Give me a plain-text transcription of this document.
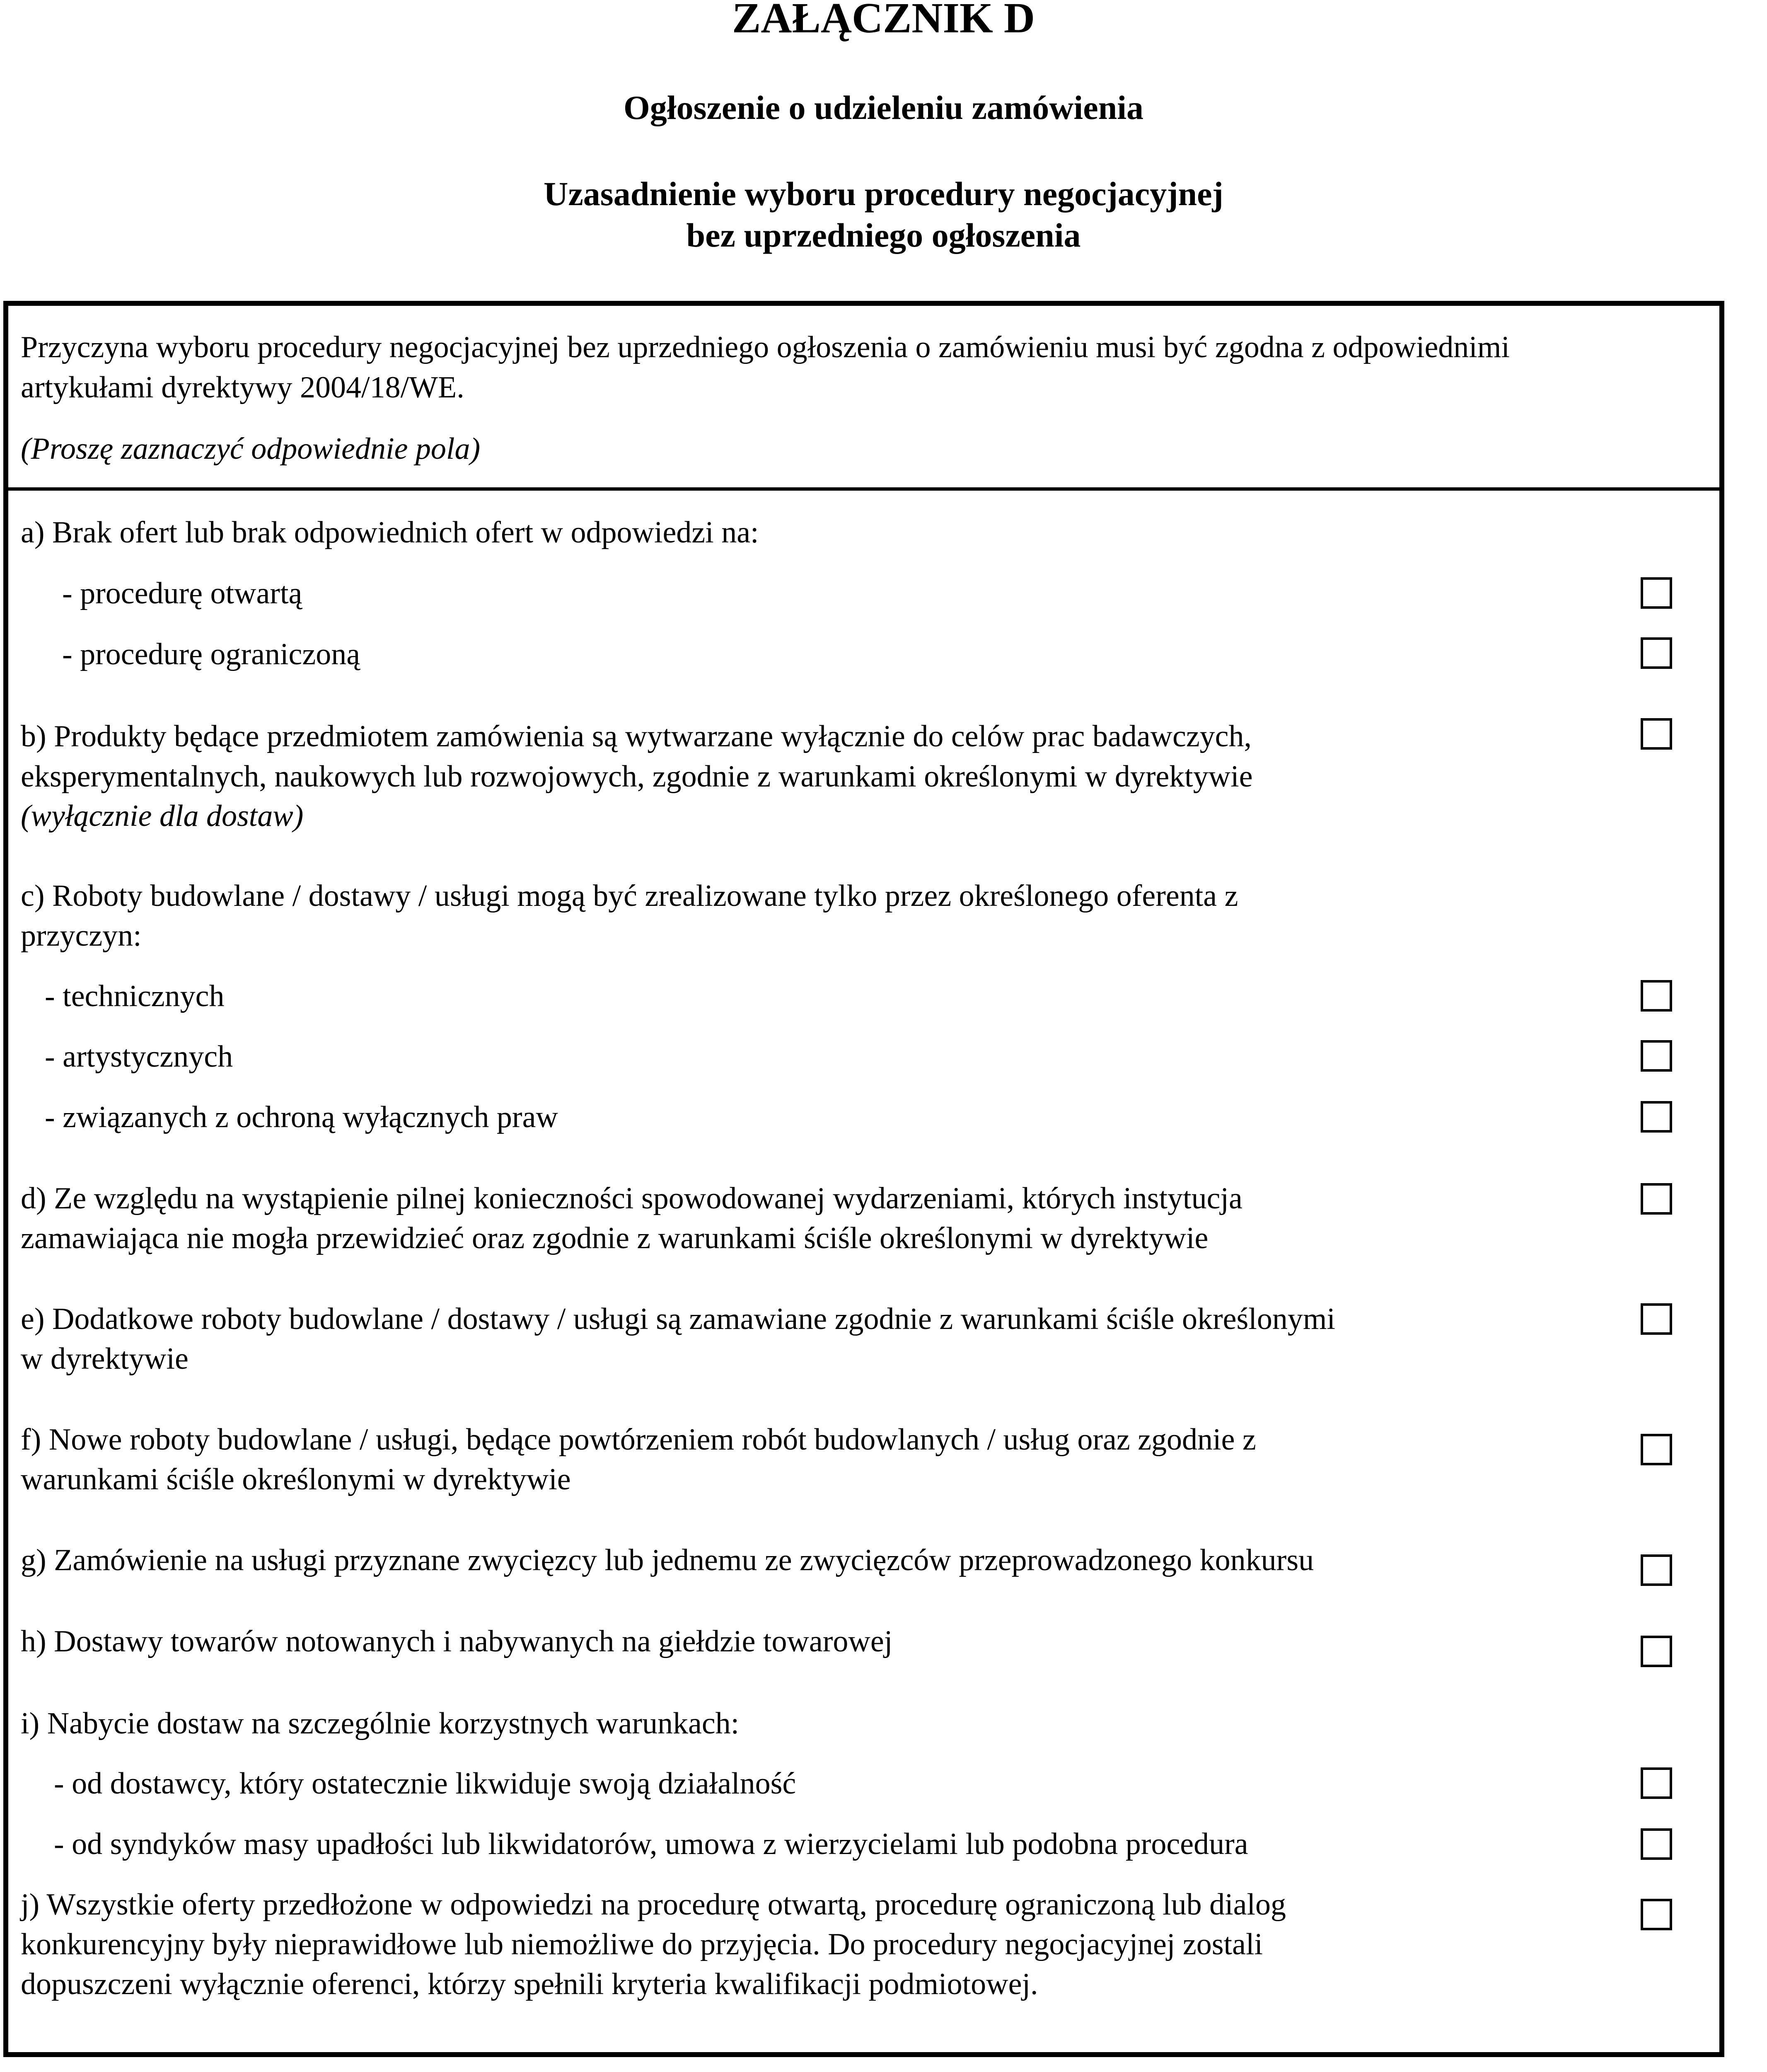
ZAŁĄCZNIK D
Ogłoszenie o udzieleniu zamówienia
Uzasadnienie wyboru procedury negocjacyjnej
bez uprzedniego ogłoszenia
Przyczyna wyboru procedury negocjacyjnej bez uprzedniego ogłoszenia o zamówieniu musi być zgodna z odpowiednimi
artykułami dyrektywy 2004/18/WE.
(Proszę zaznaczyć odpowiednie pola)
a) Brak ofert lub brak odpowiednich ofert w odpowiedzi na:
- procedurę otwartą
- procedurę ograniczoną
b) Produkty będące przedmiotem zamówienia są wytwarzane wyłącznie do celów prac badawczych,
eksperymentalnych, naukowych lub rozwojowych, zgodnie z warunkami określonymi w dyrektywie
(wyłącznie dla dostaw)
c) Roboty budowlane / dostawy / usługi mogą być zrealizowane tylko przez określonego oferenta z
przyczyn:
- technicznych
- artystycznych
- związanych z ochroną wyłącznych praw
d) Ze względu na wystąpienie pilnej konieczności spowodowanej wydarzeniami, których instytucja
zamawiająca nie mogła przewidzieć oraz zgodnie z warunkami ściśle określonymi w dyrektywie
e) Dodatkowe roboty budowlane / dostawy / usługi są zamawiane zgodnie z warunkami ściśle określonymi
w dyrektywie
f) Nowe roboty budowlane / usługi, będące powtórzeniem robót budowlanych / usług oraz zgodnie z
warunkami ściśle określonymi w dyrektywie
g) Zamówienie na usługi przyznane zwycięzcy lub jednemu ze zwycięzców przeprowadzonego konkursu
h) Dostawy towarów notowanych i nabywanych na giełdzie towarowej
i) Nabycie dostaw na szczególnie korzystnych warunkach:
- od dostawcy, który ostatecznie likwiduje swoją działalność
- od syndyków masy upadłości lub likwidatorów, umowa z wierzycielami lub podobna procedura
j) Wszystkie oferty przedłożone w odpowiedzi na procedurę otwartą, procedurę ograniczoną lub dialog
konkurencyjny były nieprawidłowe lub niemożliwe do przyjęcia. Do procedury negocjacyjnej zostali
dopuszczeni wyłącznie oferenci, którzy spełnili kryteria kwalifikacji podmiotowej.
